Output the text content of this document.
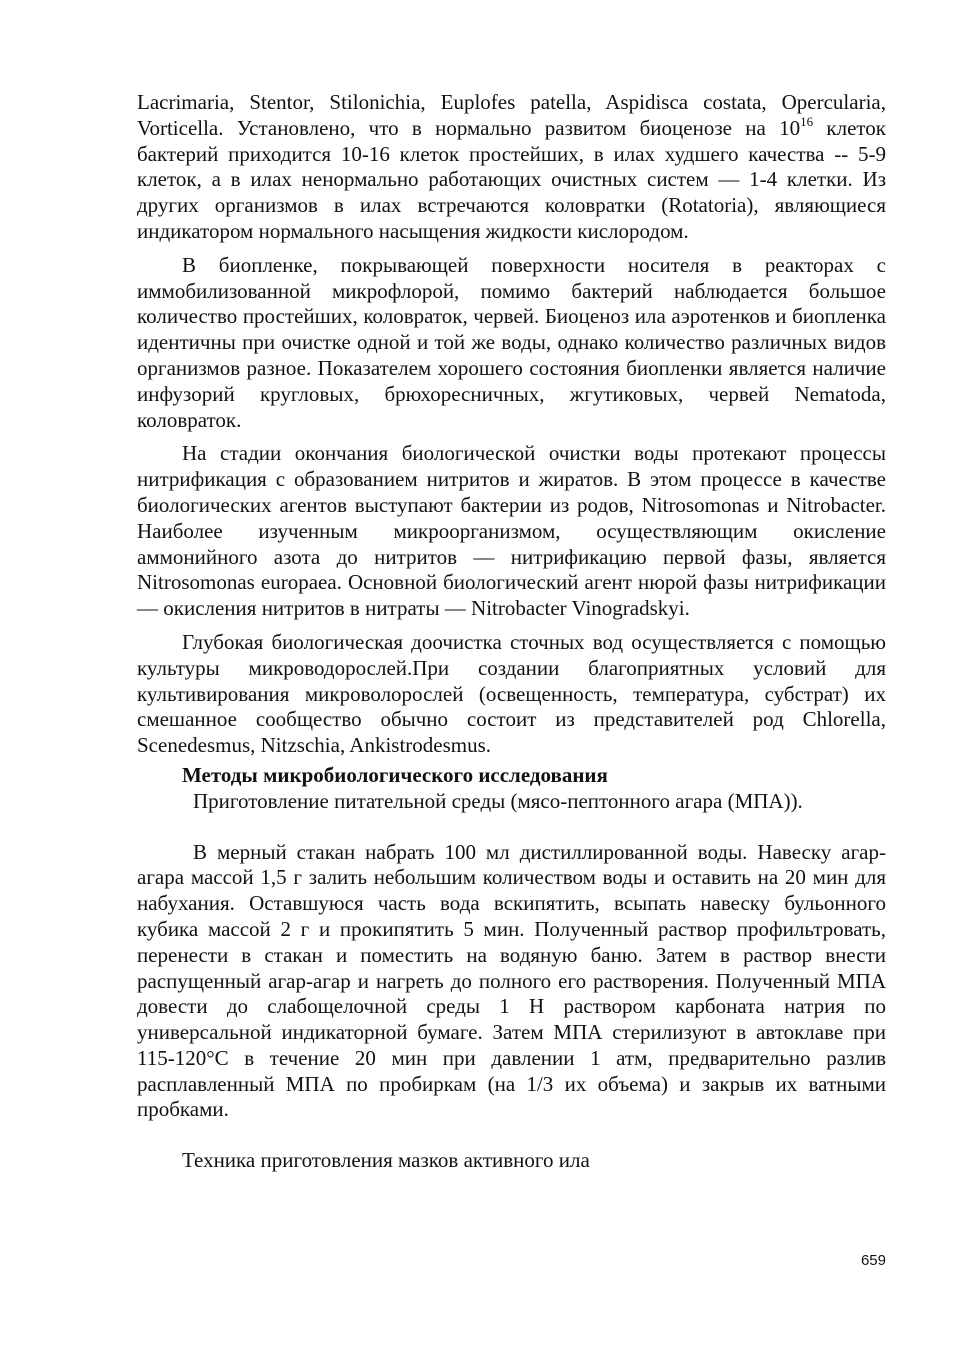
Lacrimaria, Stentor, Stilonichia, Euplofes patella, Aspidisca costata, Opercularia, Vorticella. Установлено, что в нормально развитом биоценозе на $10^{16}$ клеток бактерий приходится 10-16 клеток простейших, в илах худшего качества -- 5-9 клеток, а в илах ненормально работающих очистных систем — 1-4 клетки. Из других организмов в илах встречаются коловратки (Rotatoria), являющиеся индикатором нормального насыщения жидкости кислородом.

В биопленке, покрывающей поверхности носителя в реакторах с иммобилизованной микрофлорой, помимо бактерий наблюдается большое количество простейших, коловраток, червей. Биоценоз ила аэротенков и биопленка идентичны при очистке одной и той же воды, однако количество различных видов организмов разное. Показателем хорошего состояния биопленки является наличие инфузорий кругловых, брюхоресничных, жгутиковых, червей Nematoda, коловраток.

На стадии окончания биологической очистки воды протекают процессы нитрификация с образованием нитритов и жиратов. В этом процессе в качестве биологических агентов выступают бактерии из родов, Nitrosomonas и Nitrobacter. Наиболее изученным микроорганизмом, осуществляющим окисление аммонийного азота до нитритов — нитрификацию первой фазы, является Nitrosomonas europaea. Основной биологический агент нюрой фазы нитрификации — окисления нитритов в нитраты — Nitrobacter Vinogradskyi.

Глубокая биологическая доочистка сточных вод осуществляется с помощью культуры микроводорослей.При создании благоприятных условий для культивирования микроволорослей (освещенность, температура, субстрат) их смешанное сообщество обычно состоит из представителей род Chlorella, Scenedesmus, Nitzschia, Ankistrodesmus.

Методы микробиологического исследования

Приготовление питательной среды (мясо-пептонного агара (МПА)).

В мерный стакан набрать 100 мл дистиллированной воды. Навеску агар-агара массой 1,5 г залить небольшим количеством воды и оставить на 20 мин для набухания. Оставшуюся часть вода вскипятить, всыпать навеску бульонного кубика массой 2 г и прокипятить 5 мин. Полученный раствор профильтровать, перенести в стакан и поместить на водяную баню. Затем в раствор внести распущенный агар-агар и нагреть до полного его растворения. Полученный МПА довести до слабощелочной среды 1 Н раствором карбоната натрия по универсальной индикаторной бумаге. Затем МПА стерилизуют в автоклаве при 115-120°С в течение 20 мин при давлении 1 атм, предварительно разлив расплавленный МПА по пробиркам (на 1/3 их объема) и закрыв их ватными пробками.

Техника приготовления мазков активного ила

659
